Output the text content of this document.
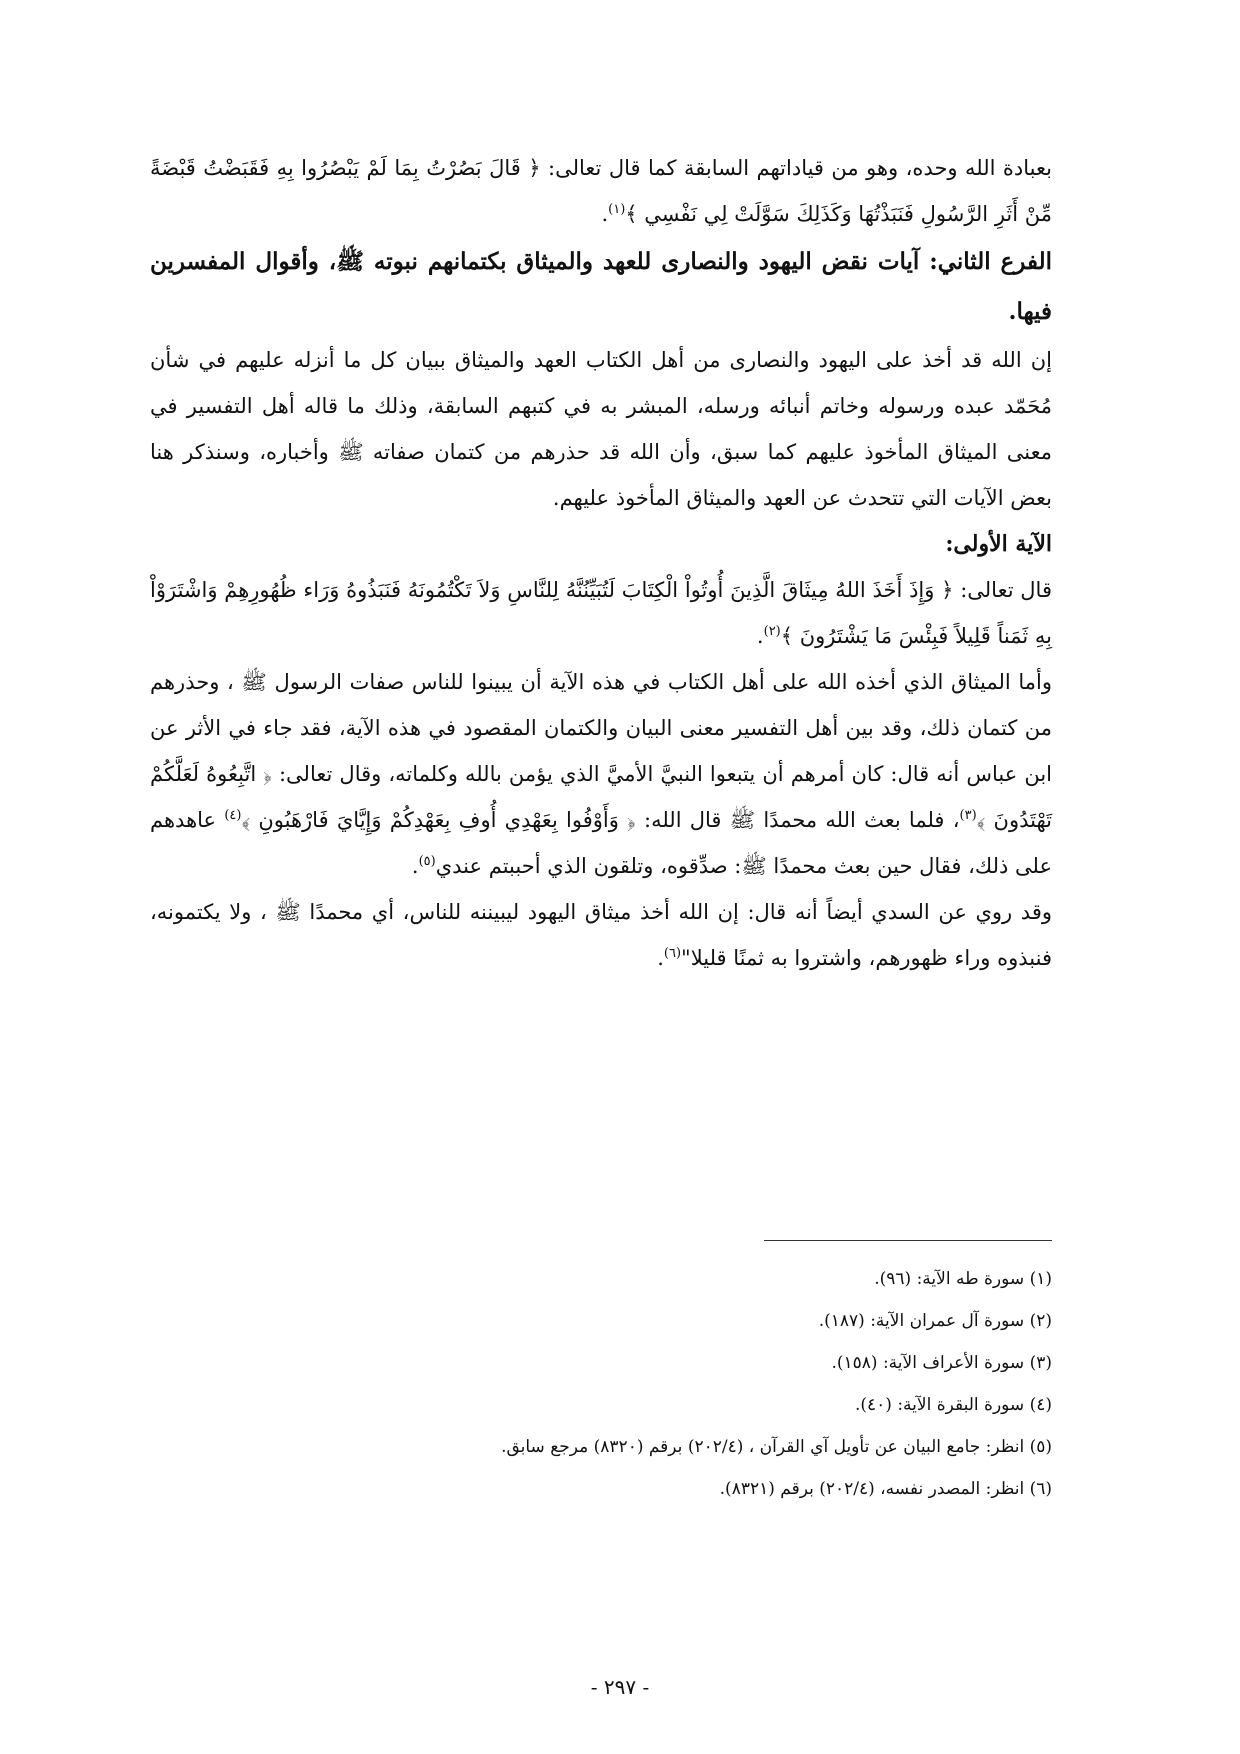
بعبادة الله وحده، وهو من قياداتهم السابقة كما قال تعالى: ﴿ قَالَ بَصُرْتُ بِمَا لَمْ يَبْصُرُوا بِهِ فَقَبَضْتُ قَبْضَةً مِّنْ أَثَرِ الرَّسُولِ فَنَبَذْتُهَا وَكَذَلِكَ سَوَّلَتْ لِي نَفْسِي ﴾$^{(١)}$.

الفرع الثاني: آيات نقض اليهود والنصارى للعهد والميثاق بكتمانهم نبوته ﷺ، وأقوال المفسرين فيها.

إن الله قد أخذ على اليهود والنصارى من أهل الكتاب العهد والميثاق ببيان كل ما أنزله عليهم في شأن مُحَمّد عبده ورسوله وخاتم أنبائه ورسله، المبشر به في كتبهم السابقة، وذلك ما قاله أهل التفسير في معنى الميثاق المأخوذ عليهم كما سبق، وأن الله قد حذرهم من كتمان صفاته ﷺ وأخباره، وسنذكر هنا بعض الآيات التي تتحدث عن العهد والميثاق المأخوذ عليهم.

الآية الأولى:

قال تعالى: ﴿ وَإِذَ أَخَذَ اللهُ مِيثَاقَ الَّذِينَ أُوتُواْ الْكِتَابَ لَتُبَيِّنُنَّهُ لِلنَّاسِ وَلاَ تَكْتُمُونَهُ فَنَبَذُوهُ وَرَاء ظُهُورِهِمْ وَاشْتَرَوْاْ بِهِ ثَمَناً قَلِيلاً فَبِئْسَ مَا يَشْتَرُونَ ﴾$^{(٢)}$.

وأما الميثاق الذي أخذه الله على أهل الكتاب في هذه الآية أن يبينوا للناس صفات الرسول ﷺ ، وحذرهم من كتمان ذلك، وقد بين أهل التفسير معنى البيان والكتمان المقصود في هذه الآية، فقد جاء في الأثر عن ابن عباس أنه قال: كان أمرهم أن يتبعوا النبيَّ الأميَّ الذي يؤمن بالله وكلماته، وقال تعالى: ﴿ اتَّبِعُوهُ لَعَلَّكُمْ تَهْتَدُونَ ﴾$^{(٣)}$، فلما بعث الله محمدًا ﷺ قال الله: ﴿ وَأَوْفُوا بِعَهْدِي أُوفِ بِعَهْدِكُمْ وَإِيَّايَ فَارْهَبُونِ ﴾$^{(٤)}$ عاهدهم على ذلك، فقال حين بعث محمدًا ﷺ: صدِّقوه، وتلقون الذي أحببتم عندي$^{(٥)}$.

وقد روي عن السدي أيضاً أنه قال: إن الله أخذ ميثاق اليهود ليبيننه للناس، أي محمدًا ﷺ ، ولا يكتمونه، فنبذوه وراء ظهورهم، واشتروا به ثمنًا قليلا"$^{(٦)}$.

(١) سورة طه الآية: (٩٦).

(٢) سورة آل عمران الآية: (١٨٧).

(٣) سورة الأعراف الآية: (١٥٨).

(٤) سورة البقرة الآية: (٤٠).

(٥) انظر: جامع البيان عن تأويل آي القرآن ، (٢٠٢/٤) برقم (٨٣٢٠) مرجع سابق.

(٦) انظر: المصدر نفسه، (٢٠٢/٤) برقم (٨٣٢١).

- ٢٩٧ -
